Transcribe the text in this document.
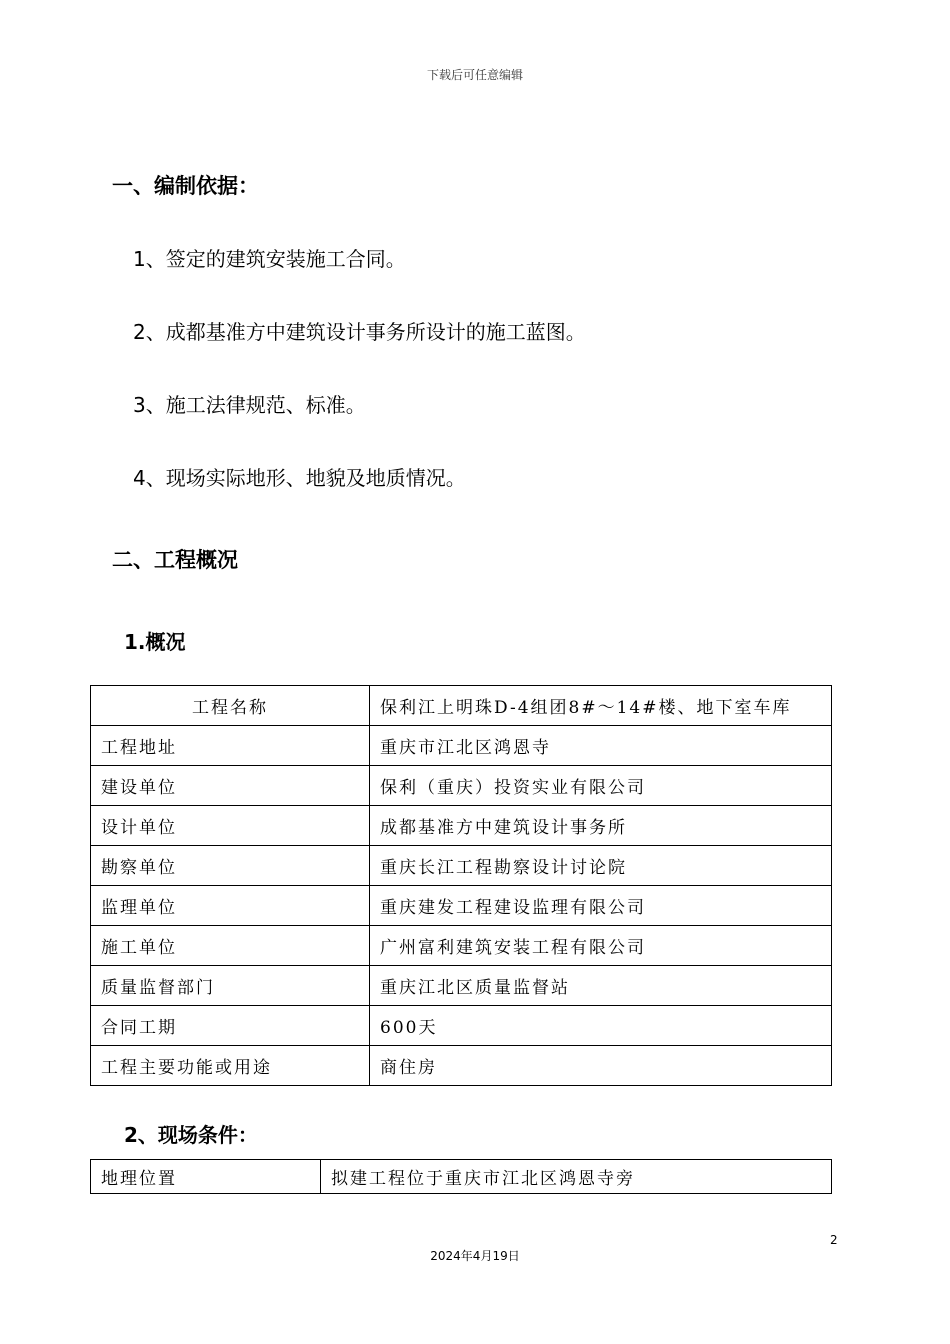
下载后可任意编辑
一、编制依据：
1、签定的建筑安装施工合同。
2、成都基准方中建筑设计事务所设计的施工蓝图。
3、施工法律规范、标准。
4、现场实际地形、地貌及地质情况。
二、工程概况
1.概况
工程名称	保利江上明珠D-4组团8#～14#楼、地下室车库
工程地址	重庆市江北区鸿恩寺
建设单位	保利（重庆）投资实业有限公司
设计单位	成都基准方中建筑设计事务所
勘察单位	重庆长江工程勘察设计讨论院
监理单位	重庆建发工程建设监理有限公司
施工单位	广州富利建筑安装工程有限公司
质量监督部门	重庆江北区质量监督站
合同工期	600天
工程主要功能或用途	商住房
2、现场条件：
地理位置	拟建工程位于重庆市江北区鸿恩寺旁
2
2024年4月19日
